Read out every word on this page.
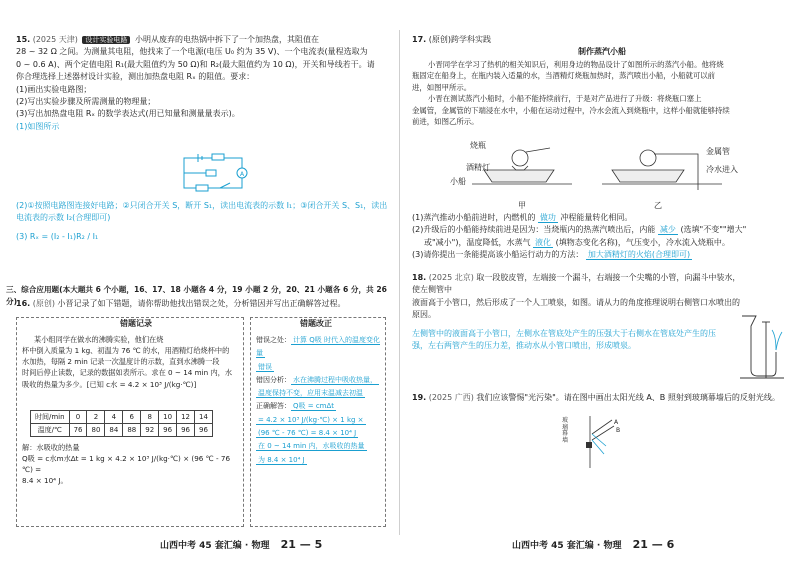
15. (2025 天津) 设计实验电路 小明从废弃的电热锅中拆下了一个加热盘，其阻值在
28 ~ 32 Ω 之间。为测量其电阻，他找来了一个电源(电压 U₀ 约为 35 V)、一个电流表(量程选取为
0 ~ 0.6 A)、两个定值电阻 R₁(最大阻值约为 50 Ω)和 R₂(最大阻值约为 10 Ω)，开关和导线若干。请
你合理选择上述器材设计实验，测出加热盘电阻 Rₓ 的阻值。要求：
(1)画出实验电路图；
(2)写出实验步骤及所需测量的物理量；
(3)写出加热盘电阻 Rₓ 的数学表达式(用已知量和测量量表示)。
(1)如图所示
A
(2)①按照电路图连接好电路；②只闭合开关 S，断开 S₁，读出电流表的示数 I₁；③闭合开关 S、S₁，读出
电流表的示数 I₂(合理即可)
(3) Rₓ = (I₂ - I₁)R₂ / I₁
三、综合应用题(本大题共 6 个小题，16、17、18 小题各 4 分，19 小题 2 分，20、21 小题各 6 分，共 26 分)
16. (原创) 小晋记录了如下错题，请你帮助他找出错误之处，分析错因并写出正确解答过程。
错题记录	错题改正
某小组同学在做水的沸腾实验，他们在烧
杯中倒入质量为 1 kg、初温为 76 ℃ 的水，用酒精灯给烧杯中的
水加热，每隔 2 min 记录一次温度计的示数，直到水沸腾一段
时间后停止读数，记录的数据如表所示。求在 0 ~ 14 min 内，水
吸收的热量为多少。[已知 c水 = 4.2 × 10³ J/(kg·℃)]
时间/min	0	2	4	6	8	10	12	14
温度/℃	76	80	84	88	92	96	96	96
解：水吸收的热量
Q吸 = c水m水Δt = 1 kg × 4.2 × 10³ J/(kg·℃) × (96 ℃ - 76 ℃) =
8.4 × 10⁴ J。
错误之处： 计算 Q吸 时代入的温度变化量
错误
错因分析： 水在沸腾过程中吸收热量，
温度保持不变，应用末温减去初温
正确解答： Q吸 = cmΔt
= 4.2 × 10³ J/(kg·℃) × 1 kg ×
(96 ℃ - 76 ℃) = 8.4 × 10⁴ J
在 0 ~ 14 min 内，水吸收的热量
为 8.4 × 10⁴ J
山西中考 45 套汇编 · 物理 21 — 5
17. (原创)跨学科实践
制作蒸汽小船
小晋同学在学习了热机的相关知识后，利用身边的物品设计了如图所示的蒸汽小船。他将烧
瓶固定在船身上，在瓶内装入适量的水，当酒精灯烧瓶加热时，蒸汽喷出小船，小船就可以前
进，如图甲所示。
小晋在测试蒸汽小船时，小船不能持续前行，于是对产品进行了升级：将烧瓶口塞上
金属管，金属管的下端浸在水中，小船在运动过程中，冷水会流入到烧瓶中，这样小船就能够持续
前进，如图乙所示。
烧瓶
酒精灯
小船
金属管
冷水进入
甲	乙
(1)蒸汽推动小船前进时，内燃机的 做功 冲程能量转化相同。
(2)升级后的小船能持续前进是因为：当烧瓶内的热蒸汽喷出后，内能 减少 (选填"不变""增大"
或"减小")，温度降低，水蒸气 液化 (填物态变化名称)，气压变小，冷水流入烧瓶中。
(3)请你提出一条能提高该小船运行动力的方法： 加大酒精灯的火焰(合理即可)
18. (2025 北京) 取一段胶皮管，左端接一个漏斗，右端接一个尖嘴的小管，向漏斗中装水，使左侧管中
液面高于小管口，然后形成了一个人工喷泉，如图。请从力的角度推理说明右侧管口水喷出的
原因。
左侧管中的液面高于小管口，左侧水在管底处产生的压强大于右侧水在管底处产生的压
强，左右两管产生的压力差，推动水从小管口喷出，形成喷泉。
19. (2025 广西) 我们应该警惕"光污染"。请在图中画出太阳光线 A、B 照射到玻璃幕墙后的反射光线。
玻璃幕墙
A
B
山西中考 45 套汇编 · 物理 21 — 6
